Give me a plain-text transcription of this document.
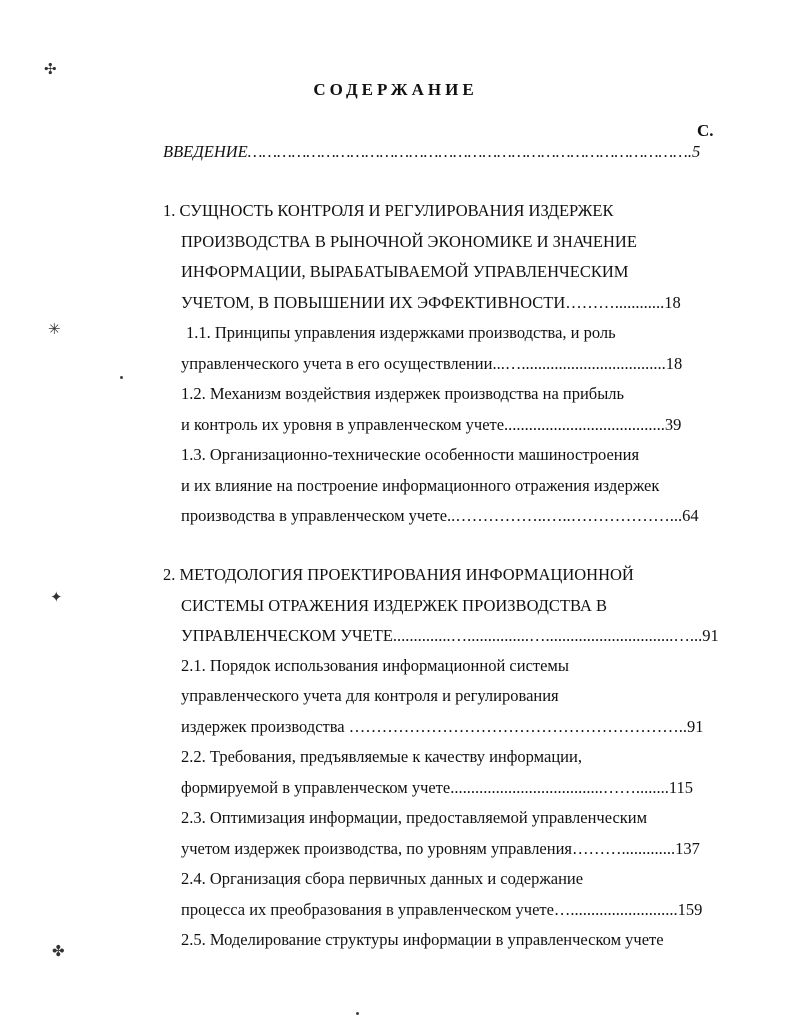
СОДЕРЖАНИЕ
С.
ВВЕДЕНИЕ……………………………………………………………………………….5
1. СУЩНОСТЬ КОНТРОЛЯ И РЕГУЛИРОВАНИЯ ИЗДЕРЖЕК
ПРОИЗВОДСТВА В РЫНОЧНОЙ ЭКОНОМИКЕ И ЗНАЧЕНИЕ
ИНФОРМАЦИИ, ВЫРАБАТЫВАЕМОЙ УПРАВЛЕНЧЕСКИМ
УЧЕТОМ, В ПОВЫШЕНИИ ИХ ЭФФЕКТИВНОСТИ………............18
1.1. Принципы управления издержками производства, и роль
управленческого учета в его осуществлении...…...................................18
1.2. Механизм воздействия издержек производства на прибыль
и контроль их уровня в управленческом учете.......................................39
1.3. Организационно-технические особенности машиностроения
и их влияние на построение информационного отражения издержек
производства в управленческом учете..……………..…..………………...64
2. МЕТОДОЛОГИЯ ПРОЕКТИРОВАНИЯ ИНФОРМАЦИОННОЙ
СИСТЕМЫ ОТРАЖЕНИЯ ИЗДЕРЖЕК ПРОИЗВОДСТВА В
УПРАВЛЕНЧЕСКОМ УЧЕТЕ..............…...............…...............................…...91
2.1. Порядок использования информационной системы
управленческого учета для контроля и регулирования
издержек производства ……………………………………………………..91
2.2. Требования, предъявляемые к качеству информации,
формируемой в управленческом учете.....................................……........115
2.3. Оптимизация информации, предоставляемой управленческим
учетом издержек производства, по уровням управления……….............137
2.4. Организация сбора первичных данных и содержание
процесса их преобразования в управленческом учете…..........................159
2.5. Моделирование структуры информации в управленческом учете
✣
✳
✦
✤
